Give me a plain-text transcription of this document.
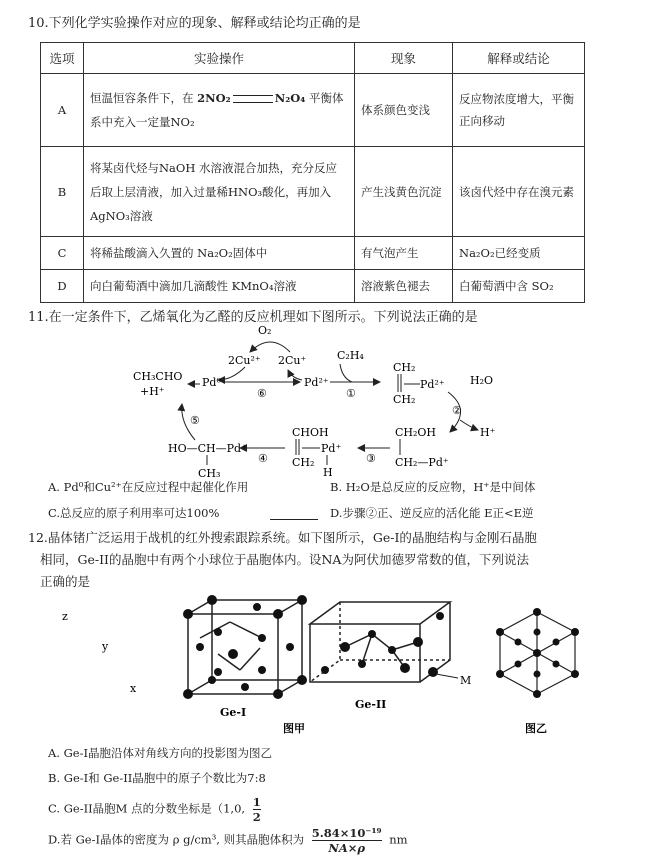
10.下列化学实验操作对应的现象、解释或结论均正确的是
选项	实验操作	现象	解释或结论
A	恒温恒容条件下，在 2NO₂ N₂O₄ 平衡体系中充入一定量NO₂	体系颜色变浅	反应物浓度增大，平衡正向移动
B	将某卤代烃与NaOH 水溶液混合加热，充分反应后取上层清液，加入过量稀HNO₃酸化，再加入 AgNO₃溶液	产生浅黄色沉淀	该卤代烃中存在溴元素
C	将稀盐酸滴入久置的 Na₂O₂固体中	有气泡产生	Na₂O₂已经变质
D	向白葡萄酒中滴加几滴酸性 KMnO₄溶液	溶液紫色褪去	白葡萄酒中含 SO₂
11.在一定条件下，乙烯氧化为乙醛的反应机理如下图所示。下列说法正确的是
O₂
2Cu²⁺ 2Cu⁺
Pd⁰
⑥
Pd²⁺
C₂H₄
①
CH₂
Pd²⁺
CH₂
H₂O
②
H⁺
CH₂OH
CH₂—Pd⁺
③
CHOH
Pd⁺
H
CH₂
④
HO—CH—Pd⁺
CH₃
⑤
CH₃CHO
+H⁺
A. Pd⁰和Cu²⁺在反应过程中起催化作用	B. H₂O是总反应的反应物，H⁺是中间体
C.总反应的原子利用率可达100%	D.步骤②正、逆反应的活化能 E正<E逆
12.晶体锗广泛运用于战机的红外搜索跟踪系统。如下图所示，Ge-I的晶胞结构与金刚石晶胞
相同，Ge-II的晶胞中有两个小球位于晶胞体内。设NA为阿伏加德罗常数的值，下列说法
正确的是
z
y
x
Ge-I
M
Ge-II
图甲	图乙
A. Ge-I晶胞沿体对角线方向的投影图为图乙
B. Ge-I和 Ge-II晶胞中的原子个数比为7:8
C. Ge-II晶胞M 点的分数坐标是（1,0, $\frac{1}{2}$
D.若 Ge-I晶体的密度为 ρ g/cm³, 则其晶胞体积为 $\frac{\text{5.84×10⁻¹⁹}}{NA\times\rho}$ nm
